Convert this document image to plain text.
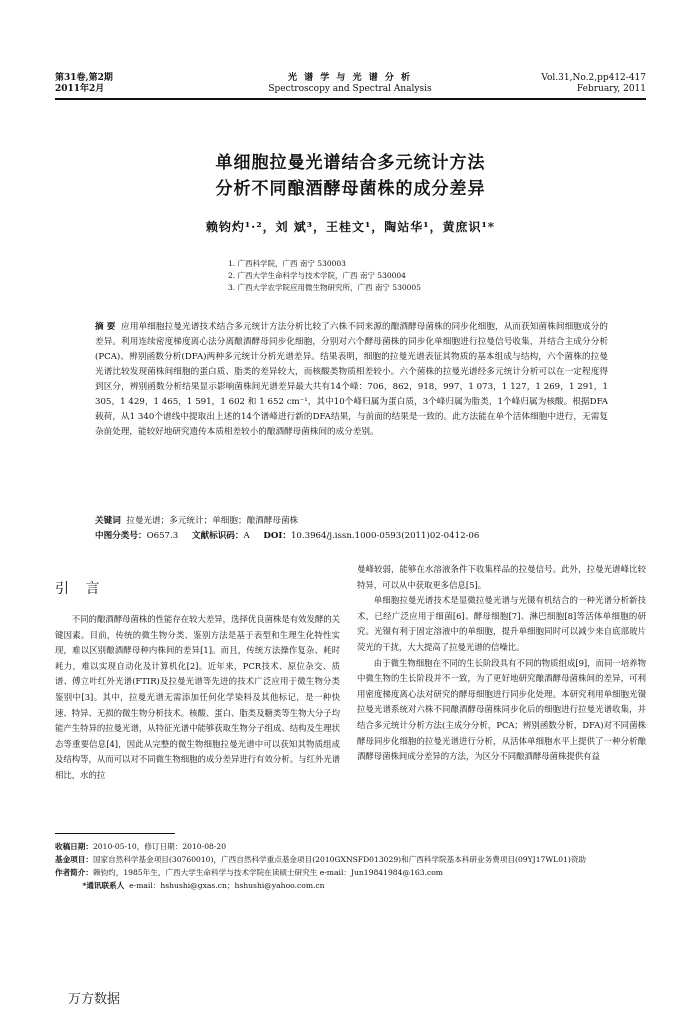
第31卷,第2期
2011年2月
光 谱 学 与 光 谱 分 析
Spectroscopy and Spectral Analysis
Vol.31,No.2,pp412-417
February, 2011
单细胞拉曼光谱结合多元统计方法
分析不同酿酒酵母菌株的成分差异
赖钧灼¹·²，刘 斌³，王桂文¹，陶站华¹，黄庶识¹*
1. 广西科学院，广西 南宁 530003
2. 广西大学生命科学与技术学院，广西 南宁 530004
3. 广西大学农学院应用微生物研究所，广西 南宁 530005
摘 要 应用单细胞拉曼光谱技术结合多元统计方法分析比较了六株不同来源的酿酒酵母菌株的同步化细胞，从而获知菌株间细胞成分的差异。利用连续密度梯度离心法分离酿酒酵母同步化细胞，分别对六个酵母菌株的同步化单细胞进行拉曼信号收集，并结合主成分分析(PCA)、辨别函数分析(DFA)两种多元统计分析光谱差异。结果表明，细胞的拉曼光谱表征其物质的基本组成与结构，六个菌株的拉曼光谱比较发现菌株间细胞的蛋白质、脂类的差异较大，而核酸类物质相差较小。六个菌株的拉曼光谱经多元统计分析可以在一定程度得到区分，辨别函数分析结果显示影响菌株间光谱差异最大共有14个峰：706，862，918，997，1 073，1 127，1 269，1 291，1 305，1 429，1 465，1 591，1 602 和 1 652 cm⁻¹，其中10个峰归属为蛋白质，3个峰归属为脂类，1个峰归属为核酸。根据DFA载荷，从1 340个谱线中提取出上述的14个谱峰进行新的DFA结果，与前面的结果是一致的。此方法能在单个活体细胞中进行，无需复杂前处理，能较好地研究遗传本质相差较小的酿酒酵母菌株间的成分差别。
关键词 拉曼光谱；多元统计；单细胞；酿酒酵母菌株
中图分类号：O657.3 文献标识码：A DOI：10.3964/j.issn.1000-0593(2011)02-0412-06
引 言

不同的酿酒酵母菌株的性能存在较大差异，选择优良菌株是有效发酵的关键因素。目前，传统的微生物分类、鉴别方法是基于表型和生理生化特性实现，难以区别酿酒酵母种内株间的差异[1]。而且，传统方法操作复杂、耗时耗力，难以实现自动化及计算机化[2]。近年来，PCR技术、原位杂交、质谱、傅立叶红外光谱(FTIR)及拉曼光谱等先进的技术广泛应用于微生物分类鉴别中[3]。其中，拉曼光谱无需添加任何化学染料及其他标记，是一种快速、特异、无损的微生物分析技术。核酸、蛋白、脂类及糖类等生物大分子均能产生特异的拉曼光谱，从特征光谱中能够获取生物分子组成、结构及生理状态等重要信息[4]，因此从完整的微生物细胞拉曼光谱中可以获知其物质组成及结构等，从而可以对不同微生物细胞的成分差异进行有效分析。与红外光谱相比，水的拉

曼峰较弱，能够在水溶液条件下收集样品的拉曼信号。此外，拉曼光谱峰比较特异，可以从中获取更多信息[5]。

单细胞拉曼光谱技术是显微拉曼光谱与光镊有机结合的一种光谱分析新技术，已经广泛应用于细菌[6]、酵母细胞[7]、淋巴细胞[8]等活体单细胞的研究。光镊有利于固定溶液中的单细胞，提升单细胞同时可以减少来自底部玻片荧光的干扰，大大提高了拉曼光谱的信噪比。

由于微生物细胞在不同的生长阶段具有不同的物质组成[9]，而同一培养物中微生物的生长阶段并不一致，为了更好地研究酿酒酵母菌株间的差异，可利用密度梯度离心法对研究的酵母细胞进行同步化处理。本研究利用单细胞光镊拉曼光谱系统对六株不同酿酒酵母菌株同步化后的细胞进行拉曼光谱收集，并结合多元统计分析方法(主成分分析，PCA；辨别函数分析，DFA)对不同菌株酵母同步化细胞的拉曼光谱进行分析，从活体单细胞水平上提供了一种分析酿酒酵母菌株间成分差异的方法，为区分不同酿酒酵母菌株提供有益

收稿日期：2010-05-10，修订日期：2010-08-20
基金项目：国家自然科学基金项目(30760010)，广西自然科学重点基金项目(2010GXNSFD013029)和广西科学院基本科研业务费项目(09YJ17WL01)资助
作者简介：赖钧灼，1985年生，广西大学生命科学与技术学院在读硕士研究生 e-mail：Jun19841984@163.com
*通讯联系人 e-mail：hshushi@gxas.cn；hshushi@yahoo.com.cn
万方数据
